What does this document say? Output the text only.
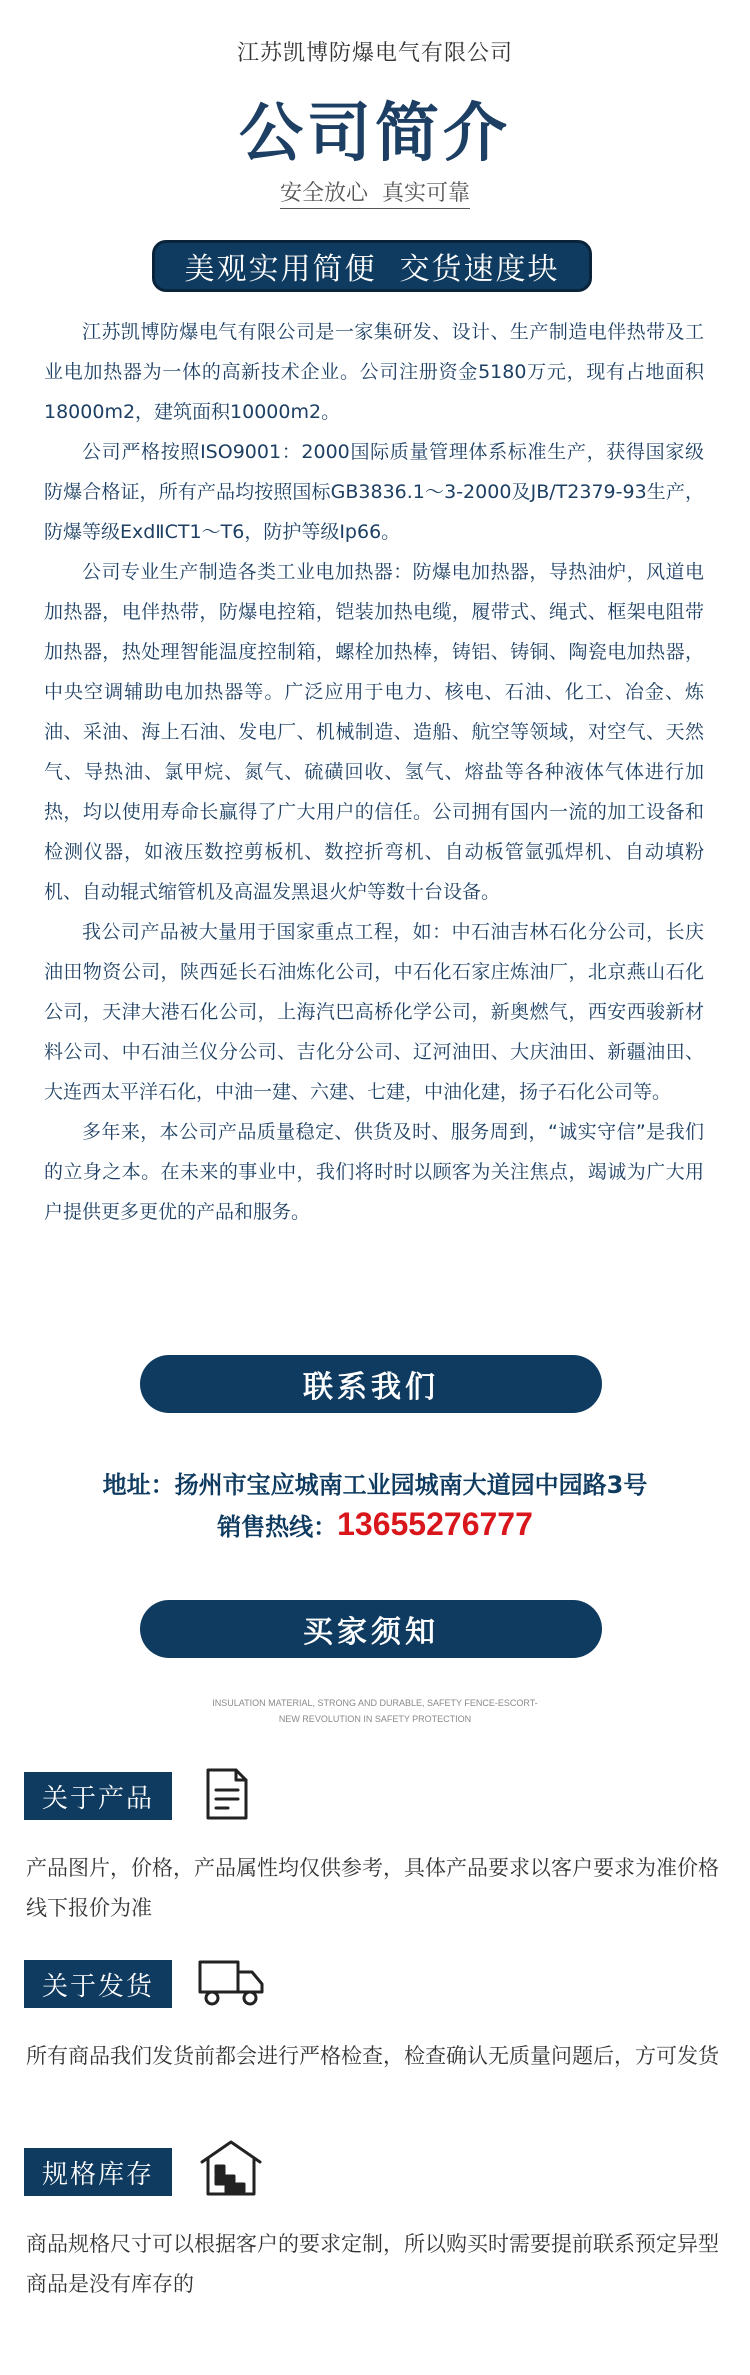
江苏凯博防爆电气有限公司
公司简介
安全放心  真实可靠
美观实用简便  交货速度块

江苏凯博防爆电气有限公司是一家集研发、设计、生产制造电伴热带及工业电加热器为一体的高新技术企业。公司注册资金5180万元，现有占地面积18000m2，建筑面积10000m2。

公司严格按照ISO9001：2000国际质量管理体系标准生产，获得国家级防爆合格证，所有产品均按照国标GB3836.1～3-2000及JB/T2379-93生产，防爆等级ExdⅡCT1～T6，防护等级Ip66。

公司专业生产制造各类工业电加热器：防爆电加热器，导热油炉，风道电加热器，电伴热带，防爆电控箱，铠装加热电缆，履带式、绳式、框架电阻带加热器，热处理智能温度控制箱，螺栓加热棒，铸铝、铸铜、陶瓷电加热器，中央空调辅助电加热器等。广泛应用于电力、核电、石油、化工、冶金、炼油、采油、海上石油、发电厂、机械制造、造船、航空等领域，对空气、天然气、导热油、氯甲烷、氮气、硫磺回收、氢气、熔盐等各种液体气体进行加热，均以使用寿命长赢得了广大用户的信任。公司拥有国内一流的加工设备和检测仪器，如液压数控剪板机、数控折弯机、自动板管氩弧焊机、自动填粉机、自动辊式缩管机及高温发黑退火炉等数十台设备。

我公司产品被大量用于国家重点工程，如：中石油吉林石化分公司，长庆油田物资公司，陕西延长石油炼化公司，中石化石家庄炼油厂，北京燕山石化公司，天津大港石化公司，上海汽巴高桥化学公司，新奥燃气，西安西骏新材料公司、中石油兰仪分公司、吉化分公司、辽河油田、大庆油田、新疆油田、大连西太平洋石化，中油一建、六建、七建，中油化建，扬子石化公司等。

多年来，本公司产品质量稳定、供货及时、服务周到，“诚实守信”是我们的立身之本。在未来的事业中，我们将时时以顾客为关注焦点，竭诚为广大用户提供更多更优的产品和服务。

联系我们
地址：扬州市宝应城南工业园城南大道园中园路3号
销售热线：13655276777
买家须知
INSULATION MATERIAL, STRONG AND DURABLE, SAFETY FENCE-ESCORT-
NEW REVOLUTION IN SAFETY PROTECTION
关于产品
产品图片，价格，产品属性均仅供参考，具体产品要求以客户要求为准价格线下报价为准
关于发货
所有商品我们发货前都会进行严格检查，检查确认无质量问题后，方可发货
规格库存
商品规格尺寸可以根据客户的要求定制，所以购买时需要提前联系预定异型商品是没有库存的
